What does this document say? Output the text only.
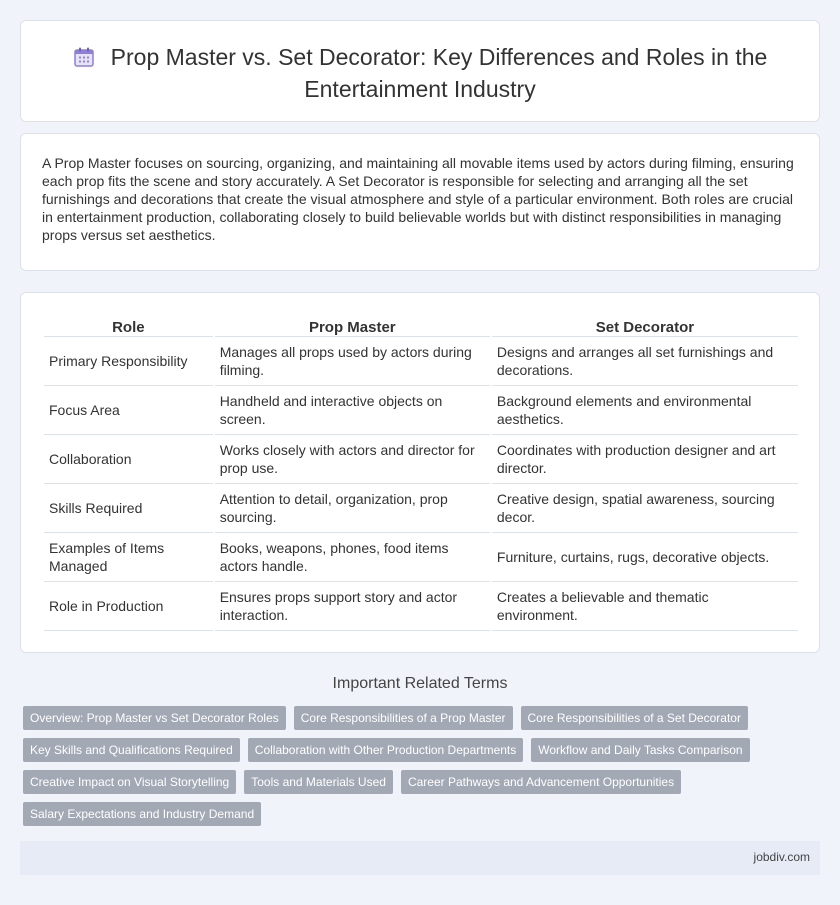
Prop Master vs. Set Decorator: Key Differences and Roles in the Entertainment Industry

A Prop Master focuses on sourcing, organizing, and maintaining all movable items used by actors during filming, ensuring each prop fits the scene and story accurately. A Set Decorator is responsible for selecting and arranging all the set furnishings and decorations that create the visual atmosphere and style of a particular environment. Both roles are crucial in entertainment production, collaborating closely to build believable worlds but with distinct responsibilities in managing props versus set aesthetics.

Role	Prop Master	Set Decorator
Primary Responsibility	Manages all props used by actors during filming.	Designs and arranges all set furnishings and decorations.
Focus Area	Handheld and interactive objects on screen.	Background elements and environmental aesthetics.
Collaboration	Works closely with actors and director for prop use.	Coordinates with production designer and art director.
Skills Required	Attention to detail, organization, prop sourcing.	Creative design, spatial awareness, sourcing decor.
Examples of Items Managed	Books, weapons, phones, food items actors handle.	Furniture, curtains, rugs, decorative objects.
Role in Production	Ensures props support story and actor interaction.	Creates a believable and thematic environment.
Important Related Terms
Overview: Prop Master vs Set Decorator Roles	Core Responsibilities of a Prop Master	Core Responsibilities of a Set Decorator
Key Skills and Qualifications Required	Collaboration with Other Production Departments	Workflow and Daily Tasks Comparison
Creative Impact on Visual Storytelling	Tools and Materials Used	Career Pathways and Advancement Opportunities
Salary Expectations and Industry Demand
jobdiv.com
